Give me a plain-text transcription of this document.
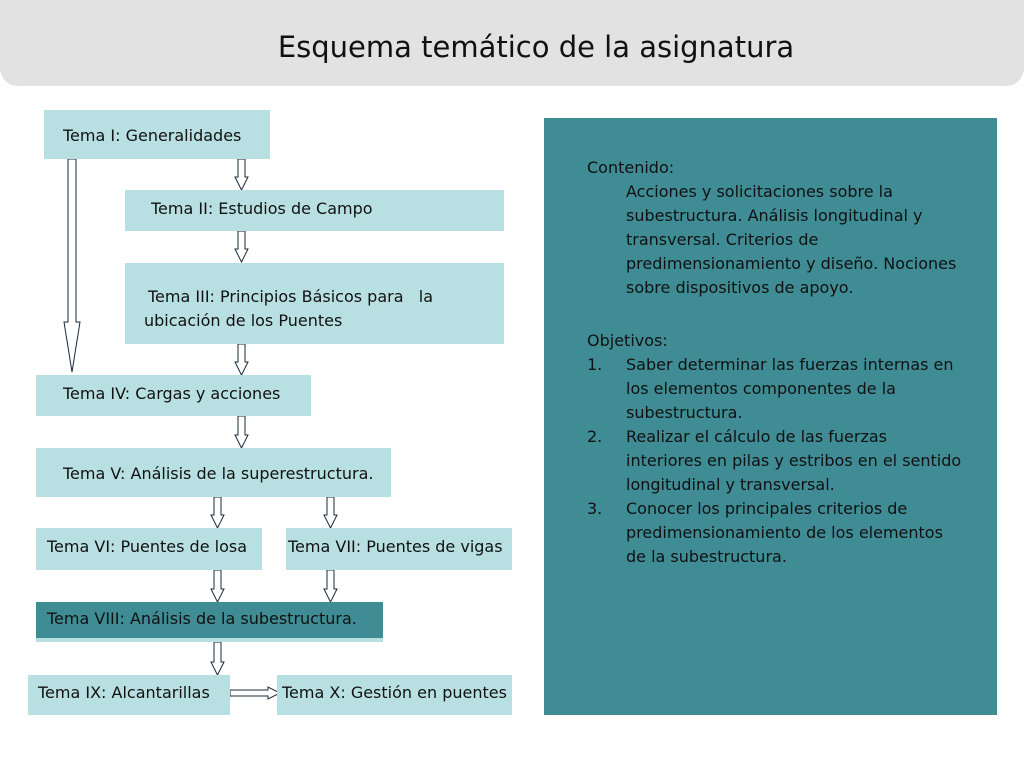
Esquema temático de la asignatura
Tema I: Generalidades
Tema II: Estudios de Campo
Tema III: Principios Básicos para   la
ubicación de los Puentes
Tema IV: Cargas y acciones
Tema V: Análisis de la superestructura.
Tema VI: Puentes de losa	Tema VII: Puentes de vigas
Tema VIII: Análisis de la subestructura.
Tema IX: Alcantarillas	Tema X: Gestión en puentes
Contenido:
Acciones y solicitaciones sobre la subestructura. Análisis longitudinal y transversal. Criterios de predimensionamiento y diseño. Nociones sobre dispositivos de apoyo.
Objetivos:
1. Saber determinar las fuerzas internas en los elementos componentes de la subestructura.
2. Realizar el cálculo de las fuerzas interiores en pilas y estribos en el sentido longitudinal y transversal.
3. Conocer los principales criterios de predimensionamiento de los elementos de la subestructura.
